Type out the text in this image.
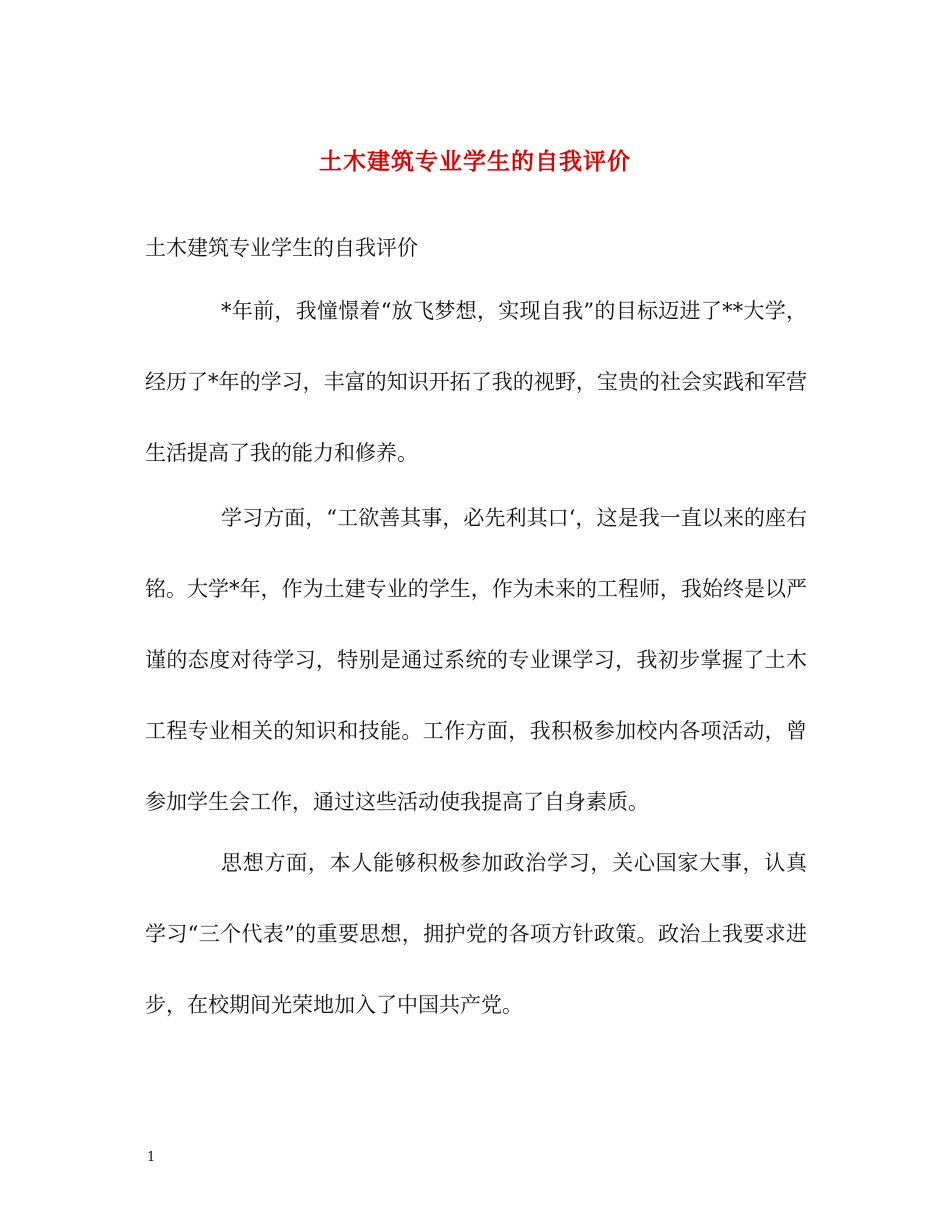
土木建筑专业学生的自我评价

土木建筑专业学生的自我评价

*年前，我憧憬着“放飞梦想，实现自我”的目标迈进了**大学，经历了*年的学习，丰富的知识开拓了我的视野，宝贵的社会实践和军营生活提高了我的能力和修养。

学习方面，“工欲善其事，必先利其口‘，这是我一直以来的座右铭。大学*年，作为土建专业的学生，作为未来的工程师，我始终是以严谨的态度对待学习，特别是通过系统的专业课学习，我初步掌握了土木工程专业相关的知识和技能。工作方面，我积极参加校内各项活动，曾参加学生会工作，通过这些活动使我提高了自身素质。

思想方面，本人能够积极参加政治学习，关心国家大事，认真学习“三个代表”的重要思想，拥护党的各项方针政策。政治上我要求进步，在校期间光荣地加入了中国共产党。

1
